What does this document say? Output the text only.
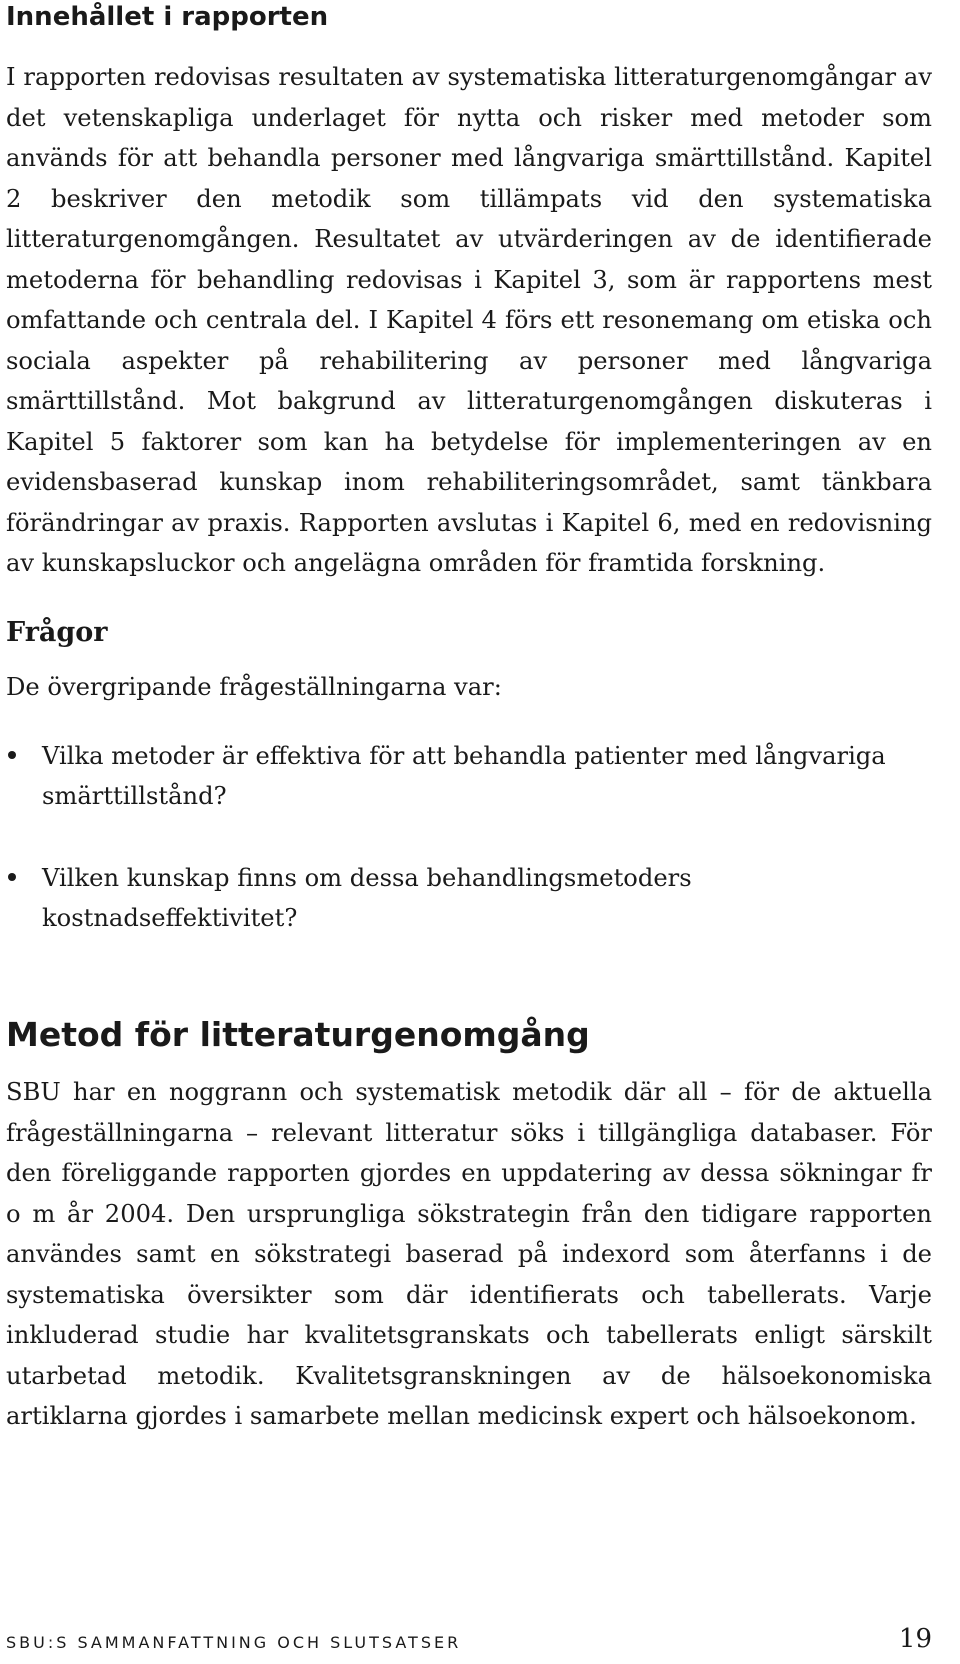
Innehållet i rapporten

I rapporten redovisas resultaten av systematiska litteraturgenomgångar av det vetenskapliga underlaget för nytta och risker med metoder som används för att behandla personer med långvariga smärttillstånd. Kapitel 2 beskriver den metodik som tillämpats vid den systematiska litteraturgenomgången. Resultatet av utvärderingen av de identifierade metoderna för behandling redovisas i Kapitel 3, som är rapportens mest omfattande och centrala del. I Kapitel 4 förs ett resonemang om etiska och sociala aspekter på rehabilitering av personer med långvariga smärttillstånd. Mot bakgrund av litteraturgenomgången diskuteras i Kapitel 5 faktorer som kan ha betydelse för implementeringen av en evidensbaserad kunskap inom rehabiliteringsområdet, samt tänkbara förändringar av praxis. Rapporten avslutas i Kapitel 6, med en redovisning av kunskapsluckor och angelägna områden för framtida forskning.

Frågor

De övergripande frågeställningarna var:

Vilka metoder är effektiva för att behandla patienter med långvariga smärttillstånd?
Vilken kunskap finns om dessa behandlingsmetoders kostnadseffektivitet?
Metod för litteraturgenomgång

SBU har en noggrann och systematisk metodik där all – för de aktuella frågeställningarna – relevant litteratur söks i tillgängliga databaser. För den föreliggande rapporten gjordes en uppdatering av dessa sökningar fr o m år 2004. Den ursprungliga sökstrategin från den tidigare rapporten användes samt en sökstrategi baserad på indexord som återfanns i de systematiska översikter som där identifierats och tabellerats. Varje inkluderad studie har kvalitetsgranskats och tabellerats enligt särskilt utarbetad metodik. Kvalitetsgranskningen av de hälsoekonomiska artiklarna gjordes i samarbete mellan medicinsk expert och hälsoekonom.

SBU:S SAMMANFATTNING OCH SLUTSATSER	19
